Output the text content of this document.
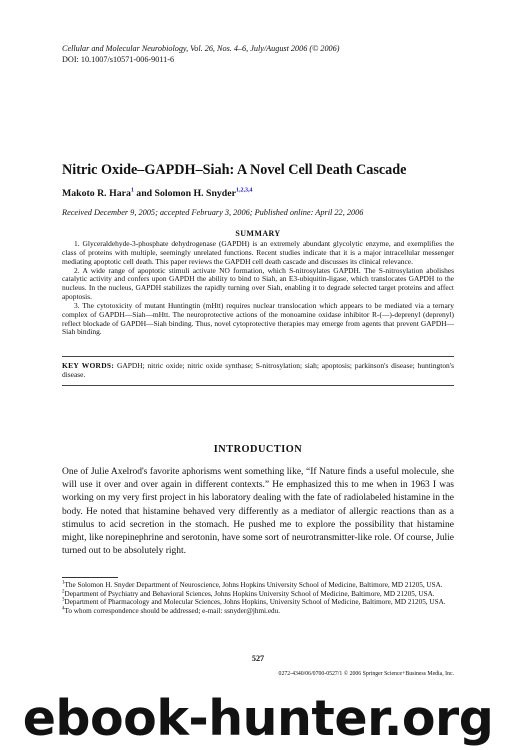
Cellular and Molecular Neurobiology, Vol. 26, Nos. 4–6, July/August 2006 (© 2006)
DOI: 10.1007/s10571-006-9011-6
Nitric Oxide–GAPDH–Siah: A Novel Cell Death Cascade
Makoto R. Hara$^1$ and Solomon H. Snyder$^{1,2,3,4}$
Received December 9, 2005; accepted February 3, 2006; Published online: April 22, 2006
SUMMARY

1. Glyceraldehyde-3-phosphate dehydrogenase (GAPDH) is an extremely abundant glycolytic enzyme, and exemplifies the class of proteins with multiple, seemingly unrelated functions. Recent studies indicate that it is a major intracellular messenger mediating apoptotic cell death. This paper reviews the GAPDH cell death cascade and discusses its clinical relevance.

2. A wide range of apoptotic stimuli activate NO formation, which S-nitrosylates GAPDH. The S-nitrosylation abolishes catalytic activity and confers upon GAPDH the ability to bind to Siah, an E3-ubiquitin-ligase, which translocates GAPDH to the nucleus. In the nucleus, GAPDH stabilizes the rapidly turning over Siah, enabling it to degrade selected target proteins and affect apoptosis.

3. The cytotoxicity of mutant Huntingtin (mHtt) requires nuclear translocation which appears to be mediated via a ternary complex of GAPDH—Siah—mHtt. The neuroprotective actions of the monoamine oxidase inhibitor R-(—)-deprenyl (deprenyl) reflect blockade of GAPDH—Siah binding. Thus, novel cytoprotective therapies may emerge from agents that prevent GAPDH—Siah binding.

KEY WORDS: GAPDH; nitric oxide; nitric oxide synthase; S-nitrosylation; siah; apoptosis; parkinson's disease; huntington's disease.
INTRODUCTION

One of Julie Axelrod's favorite aphorisms went something like, “If Nature finds a useful molecule, she will use it over and over again in different contexts.” He emphasized this to me when in 1963 I was working on my very first project in his laboratory dealing with the fate of radiolabeled histamine in the body. He noted that histamine behaved very differently as a mediator of allergic reactions than as a stimulus to acid secretion in the stomach. He pushed me to explore the possibility that histamine might, like norepinephrine and serotonin, have some sort of neurotransmitter-like role. Of course, Julie turned out to be absolutely right.

$^1$The Solomon H. Snyder Department of Neuroscience, Johns Hopkins University School of Medicine, Baltimore, MD 21205, USA.

$^2$Department of Psychiatry and Behavioral Sciences, Johns Hopkins University School of Medicine, Baltimore, MD 21205, USA.

$^3$Department of Pharmacology and Molecular Sciences, Johns Hopkins, University School of Medicine, Baltimore, MD 21205, USA.

$^4$To whom correspondence should be addressed; e-mail: ssnyder@jhmi.edu.

527
0272-4340/06/0700-0527/1 © 2006 Springer Science+Business Media, Inc.
ebook-hunter.org
